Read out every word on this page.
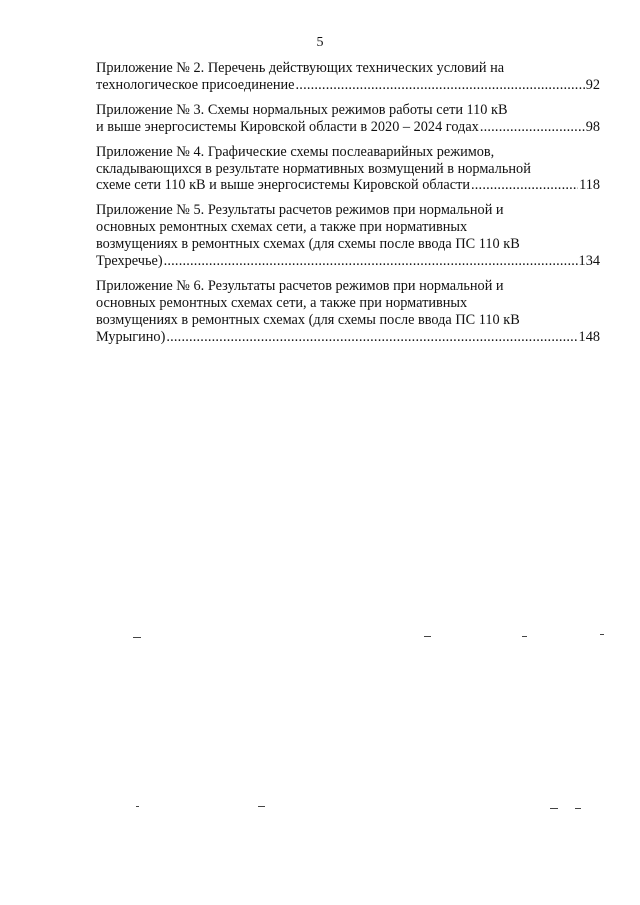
5
Приложение № 2. Перечень действующих технических условий на
технологическое присоединение .....	92
Приложение № 3. Схемы нормальных режимов работы сети 110 кВ
и выше энергосистемы Кировской области в 2020 – 2024 годах .....	98
Приложение № 4. Графические схемы послеаварийных режимов,
складывающихся в результате нормативных возмущений в нормальной
схеме сети 110 кВ и выше энергосистемы Кировской области .....	118
Приложение № 5. Результаты расчетов режимов при нормальной и
основных ремонтных схемах сети, а также при нормативных
возмущениях в ремонтных схемах (для схемы после ввода ПС 110 кВ
Трехречье) .....	134
Приложение № 6. Результаты расчетов режимов при нормальной и
основных ремонтных схемах сети, а также при нормативных
возмущениях в ремонтных схемах (для схемы после ввода ПС 110 кВ
Мурыгино) .....	148
